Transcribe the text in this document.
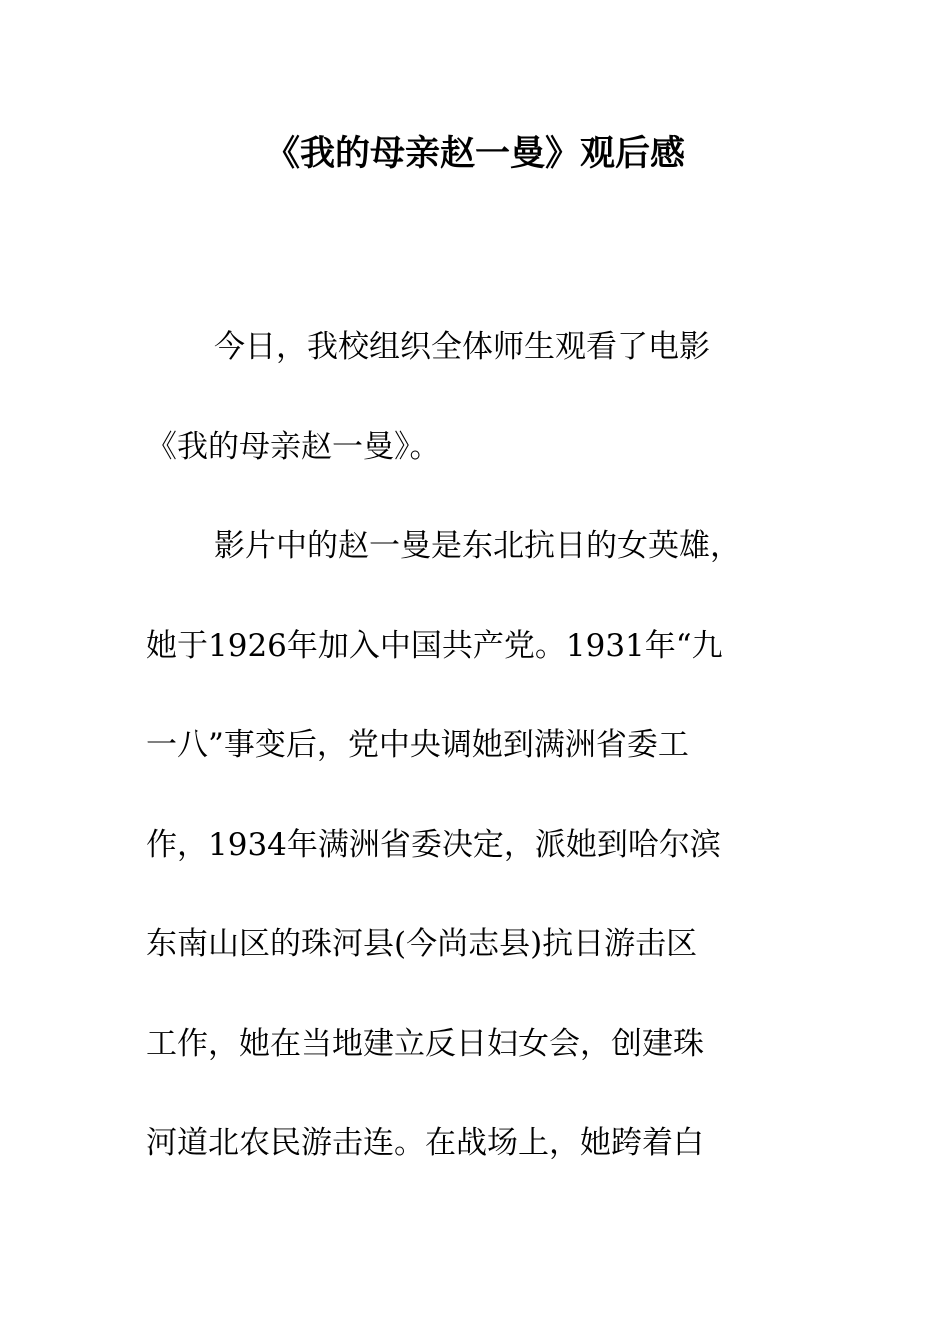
《我的母亲赵一曼》观后感
今日，我校组织全体师生观看了电影
《我的母亲赵一曼》。
影片中的赵一曼是东北抗日的女英雄，
她于1926年加入中国共产党。1931年“九
一八”事变后，党中央调她到满洲省委工
作，1934年满洲省委决定，派她到哈尔滨
东南山区的珠河县(今尚志县)抗日游击区
工作，她在当地建立反日妇女会，创建珠
河道北农民游击连。在战场上，她跨着白
